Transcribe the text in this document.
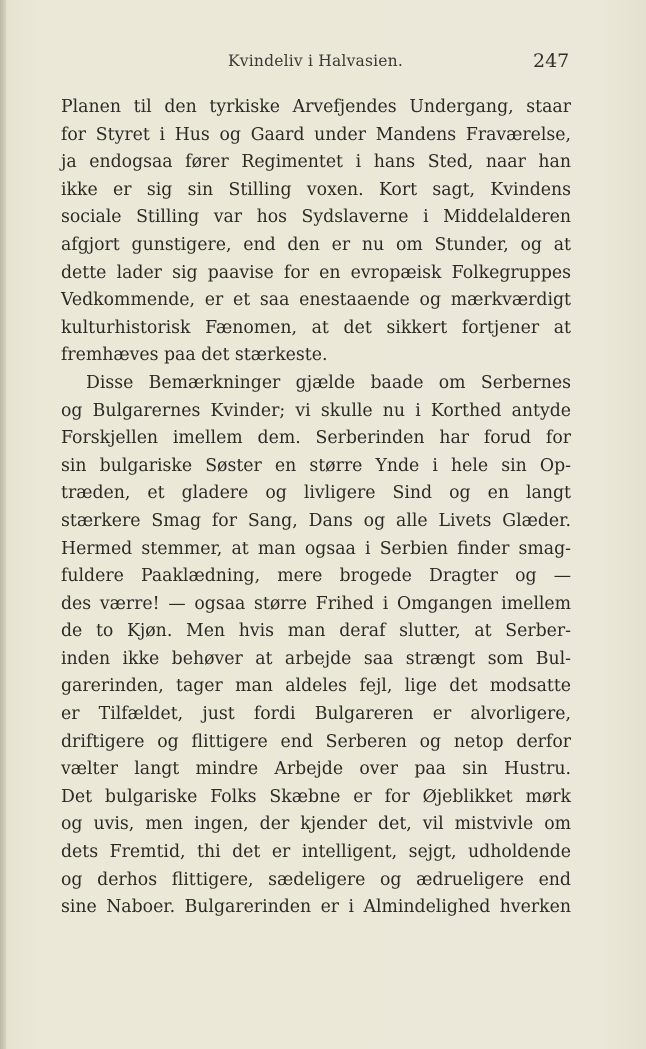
Kvindeliv i Halvasien.	247
Planen til den tyrkiske Arvefjendes Undergang, staar
for Styret i Hus og Gaard under Mandens Fraværelse,
ja endogsaa fører Regimentet i hans Sted, naar han
ikke er sig sin Stilling voxen. Kort sagt, Kvindens
sociale Stilling var hos Sydslaverne i Middelalderen
afgjort gunstigere, end den er nu om Stunder, og at
dette lader sig paavise for en evropæisk Folkegruppes
Vedkommende, er et saa enestaaende og mærkværdigt
kulturhistorisk Fænomen, at det sikkert fortjener at
fremhæves paa det stærkeste.
Disse Bemærkninger gjælde baade om Serbernes
og Bulgarernes Kvinder; vi skulle nu i Korthed antyde
Forskjellen imellem dem. Serberinden har forud for
sin bulgariske Søster en større Ynde i hele sin Op-
træden, et gladere og livligere Sind og en langt
stærkere Smag for Sang, Dans og alle Livets Glæder.
Hermed stemmer, at man ogsaa i Serbien finder smag-
fuldere Paaklædning, mere brogede Dragter og —
des værre! — ogsaa større Frihed i Omgangen imellem
de to Kjøn. Men hvis man deraf slutter, at Serber-
inden ikke behøver at arbejde saa strængt som Bul-
garerinden, tager man aldeles fejl, lige det modsatte
er Tilfældet, just fordi Bulgareren er alvorligere,
driftigere og flittigere end Serberen og netop derfor
vælter langt mindre Arbejde over paa sin Hustru.
Det bulgariske Folks Skæbne er for Øjeblikket mørk
og uvis, men ingen, der kjender det, vil mistvivle om
dets Fremtid, thi det er intelligent, sejgt, udholdende
og derhos flittigere, sædeligere og ædrueligere end
sine Naboer. Bulgarerinden er i Almindelighed hverken
